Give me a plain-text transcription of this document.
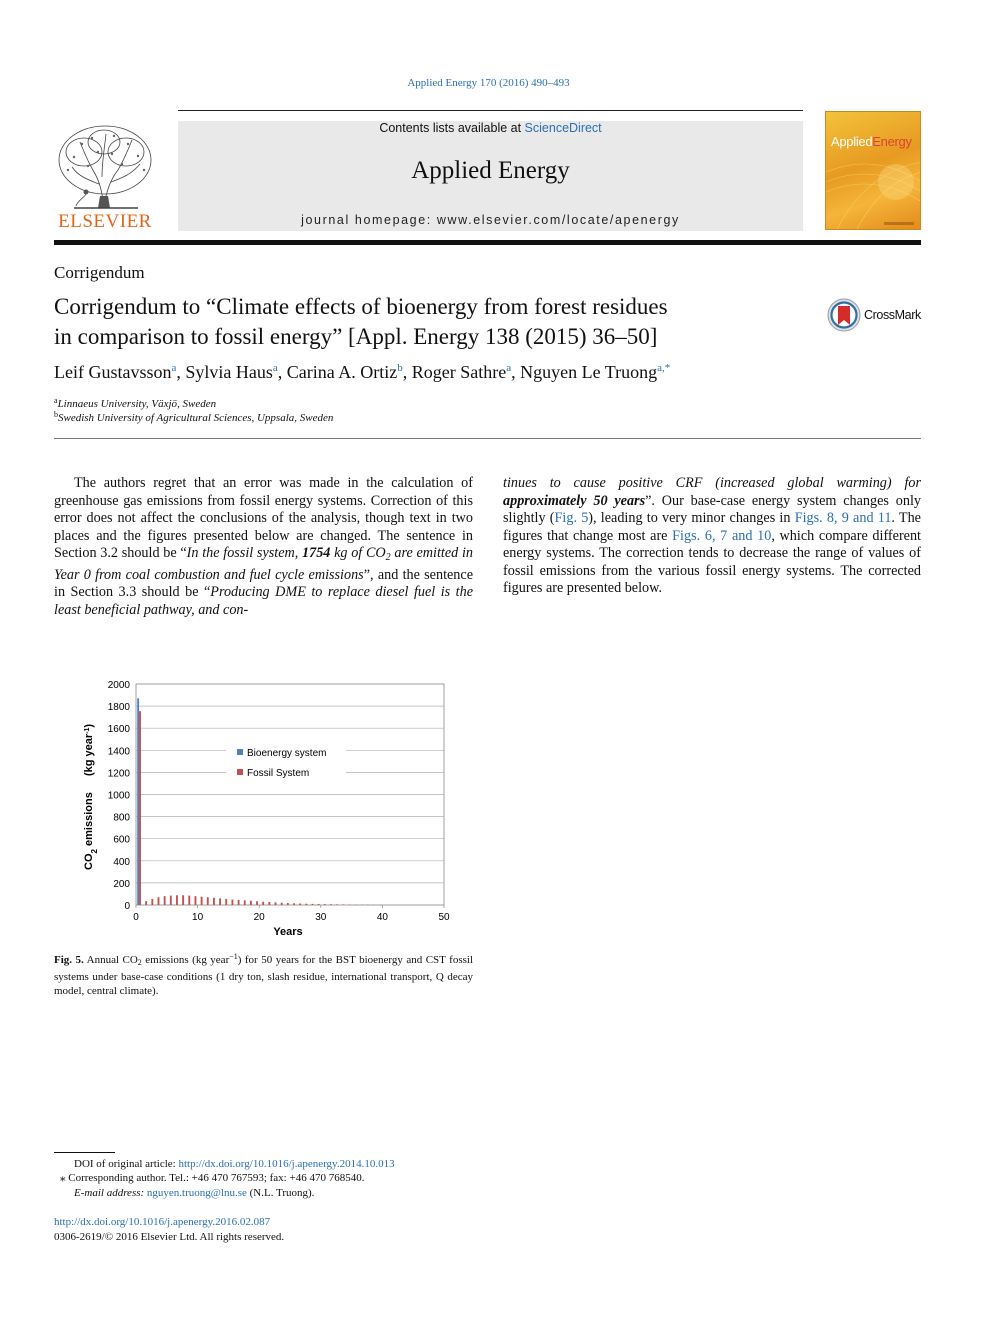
Applied Energy 170 (2016) 490–493
ELSEVIER
Contents lists available at ScienceDirect
Applied Energy
journal homepage: www.elsevier.com/locate/apenergy
AppliedEnergy
Corrigendum
Corrigendum to “Climate effects of bioenergy from forest residues
in comparison to fossil energy” [Appl. Energy 138 (2015) 36–50]
CrossMark
Leif Gustavsson$^a$, Sylvia Haus$^a$, Carina A. Ortiz$^b$, Roger Sathre$^a$, Nguyen Le Truong$^{a,*}$
$^a$Linnaeus University, Växjö, Sweden
$^b$Swedish University of Agricultural Sciences, Uppsala, Sweden

The authors regret that an error was made in the calculation of greenhouse gas emissions from fossil energy systems. Correction of this error does not affect the conclusions of the analysis, though text in two places and the figures presented below are changed. The sentence in Section 3.2 should be “In the fossil system, 1754 kg of $CO_2$ are emitted in Year 0 from coal combustion and fuel cycle emissions”, and the sentence in Section 3.3 should be “Producing DME to replace diesel fuel is the least beneficial pathway, and con-

tinues to cause positive CRF (increased global warming) for approximately 50 years”. Our base-case energy system changes only slightly (Fig. 5), leading to very minor changes in Figs. 8, 9 and 11. The figures that change most are Figs. 6, 7 and 10, which compare different energy systems. The correction tends to decrease the range of values of fossil emissions from the various fossil energy systems. The corrected figures are presented below.

0
200
400
600
800
1000
1200
1400
1600
1800
2000
0	10	20	30	40	50
Years
$CO_2$ emissions
(kg year$^{-1}$)
Bioenergy system
Fossil System
Fig. 5. Annual $CO_2$ emissions (kg year$^{-1}$) for 50 years for the BST bioenergy and CST fossil systems under base-case conditions (1 dry ton, slash residue, international transport, Q decay model, central climate).
DOI of original article: http://dx.doi.org/10.1016/j.apenergy.2014.10.013
⁎ Corresponding author. Tel.: +46 470 767593; fax: +46 470 768540.
E-mail address: nguyen.truong@lnu.se (N.L. Truong).
http://dx.doi.org/10.1016/j.apenergy.2016.02.087
0306-2619/© 2016 Elsevier Ltd. All rights reserved.
